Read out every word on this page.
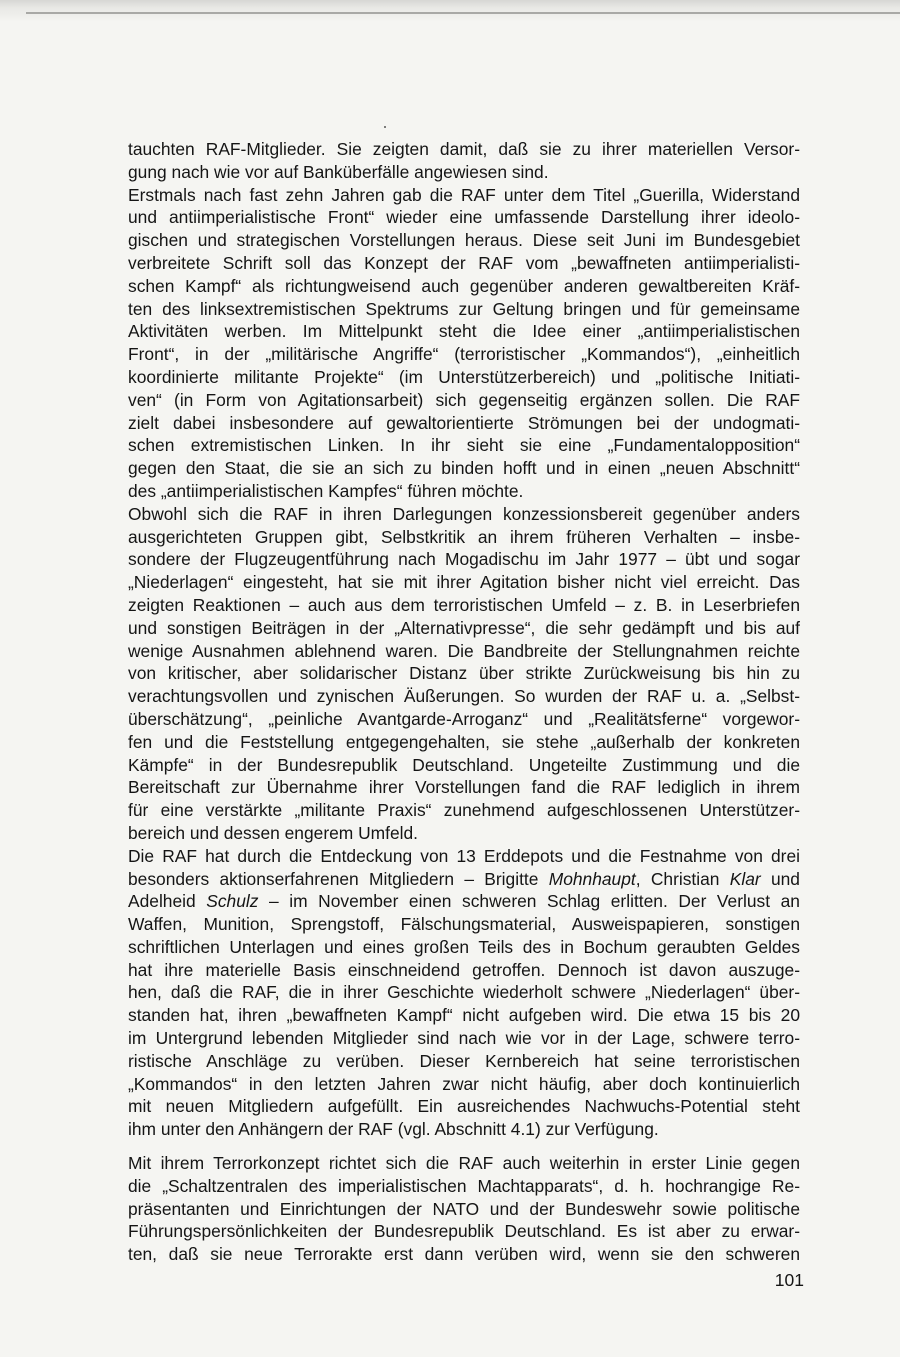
tauchten RAF-Mitglieder. Sie zeigten damit, daß sie zu ihrer materiellen Versor-
gung nach wie vor auf Banküberfälle angewiesen sind.
Erstmals nach fast zehn Jahren gab die RAF unter dem Titel „Guerilla, Widerstand
und antiimperialistische Front“ wieder eine umfassende Darstellung ihrer ideolo-
gischen und strategischen Vorstellungen heraus. Diese seit Juni im Bundesgebiet
verbreitete Schrift soll das Konzept der RAF vom „bewaffneten antiimperialisti-
schen Kampf“ als richtungweisend auch gegenüber anderen gewaltbereiten Kräf-
ten des linksextremistischen Spektrums zur Geltung bringen und für gemeinsame
Aktivitäten werben. Im Mittelpunkt steht die Idee einer „antiimperialistischen
Front“, in der „militärische Angriffe“ (terroristischer „Kommandos“), „einheitlich
koordinierte militante Projekte“ (im Unterstützerbereich) und „politische Initiati-
ven“ (in Form von Agitationsarbeit) sich gegenseitig ergänzen sollen. Die RAF
zielt dabei insbesondere auf gewaltorientierte Strömungen bei der undogmati-
schen extremistischen Linken. In ihr sieht sie eine „Fundamentalopposition“
gegen den Staat, die sie an sich zu binden hofft und in einen „neuen Abschnitt“
des „antiimperialistischen Kampfes“ führen möchte.
Obwohl sich die RAF in ihren Darlegungen konzessionsbereit gegenüber anders
ausgerichteten Gruppen gibt, Selbstkritik an ihrem früheren Verhalten – insbe-
sondere der Flugzeugentführung nach Mogadischu im Jahr 1977 – übt und sogar
„Niederlagen“ eingesteht, hat sie mit ihrer Agitation bisher nicht viel erreicht. Das
zeigten Reaktionen – auch aus dem terroristischen Umfeld – z. B. in Leserbriefen
und sonstigen Beiträgen in der „Alternativpresse“, die sehr gedämpft und bis auf
wenige Ausnahmen ablehnend waren. Die Bandbreite der Stellungnahmen reichte
von kritischer, aber solidarischer Distanz über strikte Zurückweisung bis hin zu
verachtungsvollen und zynischen Äußerungen. So wurden der RAF u. a. „Selbst-
überschätzung“, „peinliche Avantgarde-Arroganz“ und „Realitätsferne“ vorgewor-
fen und die Feststellung entgegengehalten, sie stehe „außerhalb der konkreten
Kämpfe“ in der Bundesrepublik Deutschland. Ungeteilte Zustimmung und die
Bereitschaft zur Übernahme ihrer Vorstellungen fand die RAF lediglich in ihrem
für eine verstärkte „militante Praxis“ zunehmend aufgeschlossenen Unterstützer-
bereich und dessen engerem Umfeld.
Die RAF hat durch die Entdeckung von 13 Erddepots und die Festnahme von drei
besonders aktionserfahrenen Mitgliedern – Brigitte Mohnhaupt, Christian Klar und
Adelheid Schulz – im November einen schweren Schlag erlitten. Der Verlust an
Waffen, Munition, Sprengstoff, Fälschungsmaterial, Ausweispapieren, sonstigen
schriftlichen Unterlagen und eines großen Teils des in Bochum geraubten Geldes
hat ihre materielle Basis einschneidend getroffen. Dennoch ist davon auszuge-
hen, daß die RAF, die in ihrer Geschichte wiederholt schwere „Niederlagen“ über-
standen hat, ihren „bewaffneten Kampf“ nicht aufgeben wird. Die etwa 15 bis 20
im Untergrund lebenden Mitglieder sind nach wie vor in der Lage, schwere terro-
ristische Anschläge zu verüben. Dieser Kernbereich hat seine terroristischen
„Kommandos“ in den letzten Jahren zwar nicht häufig, aber doch kontinuierlich
mit neuen Mitgliedern aufgefüllt. Ein ausreichendes Nachwuchs-Potential steht
ihm unter den Anhängern der RAF (vgl. Abschnitt 4.1) zur Verfügung.
Mit ihrem Terrorkonzept richtet sich die RAF auch weiterhin in erster Linie gegen
die „Schaltzentralen des imperialistischen Machtapparats“, d. h. hochrangige Re-
präsentanten und Einrichtungen der NATO und der Bundeswehr sowie politische
Führungspersönlichkeiten der Bundesrepublik Deutschland. Es ist aber zu erwar-
ten, daß sie neue Terrorakte erst dann verüben wird, wenn sie den schweren
101
